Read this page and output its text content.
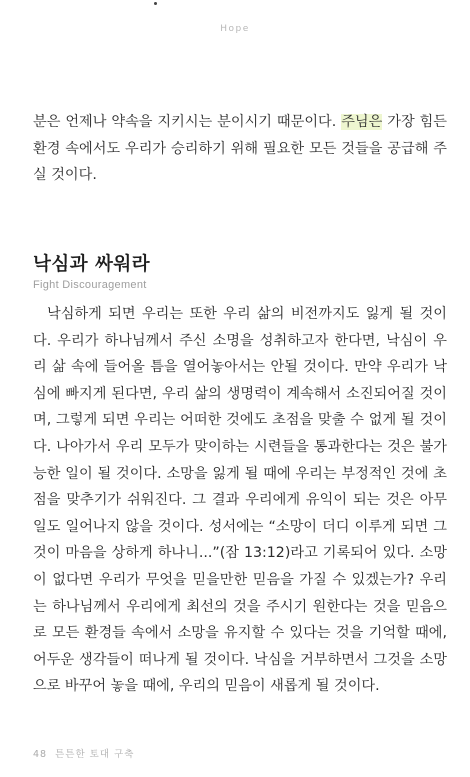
Hope

분은 언제나 약속을 지키시는 분이시기 때문이다. 주님은 가장 힘든 환경 속에서도 우리가 승리하기 위해 필요한 모든 것들을 공급해 주실 것이다.

낙심과 싸워라
Fight Discouragement

낙심하게 되면 우리는 또한 우리 삶의 비전까지도 잃게 될 것이다. 우리가 하나님께서 주신 소명을 성취하고자 한다면, 낙심이 우리 삶 속에 들어올 틈을 열어놓아서는 안될 것이다. 만약 우리가 낙심에 빠지게 된다면, 우리 삶의 생명력이 계속해서 소진되어질 것이며, 그렇게 되면 우리는 어떠한 것에도 초점을 맞출 수 없게 될 것이다. 나아가서 우리 모두가 맞이하는 시련들을 통과한다는 것은 불가능한 일이 될 것이다. 소망을 잃게 될 때에 우리는 부정적인 것에 초점을 맞추기가 쉬워진다. 그 결과 우리에게 유익이 되는 것은 아무 일도 일어나지 않을 것이다. 성서에는 “소망이 더디 이루게 되면 그것이 마음을 상하게 하나니...”(잠 13:12)라고 기록되어 있다. 소망이 없다면 우리가 무엇을 믿을만한 믿음을 가질 수 있겠는가? 우리는 하나님께서 우리에게 최선의 것을 주시기 원한다는 것을 믿음으로 모든 환경들 속에서 소망을 유지할 수 있다는 것을 기억할 때에, 어두운 생각들이 떠나게 될 것이다. 낙심을 거부하면서 그것을 소망으로 바꾸어 놓을 때에, 우리의 믿음이 새롭게 될 것이다.

48 튼튼한 토대 구축
